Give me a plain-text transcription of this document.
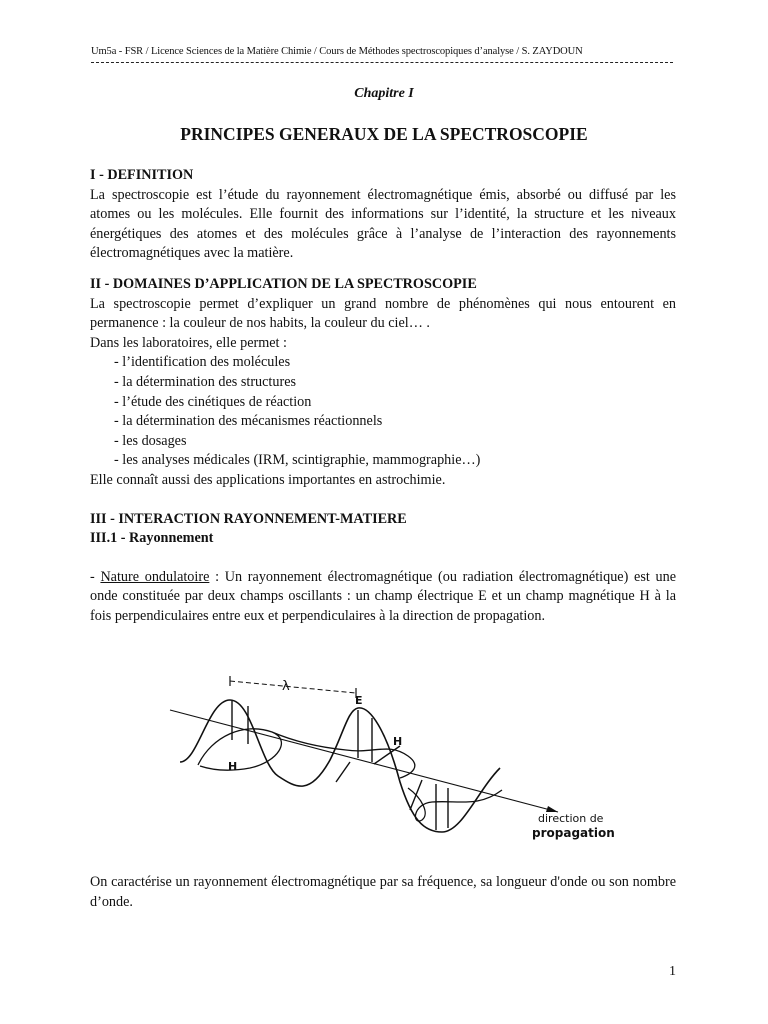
Um5a - FSR / Licence Sciences de la Matière Chimie / Cours de Méthodes spectroscopiques d’analyse / S. ZAYDOUN
Chapitre I
PRINCIPES GENERAUX DE LA SPECTROSCOPIE

I - DEFINITION

La spectroscopie est l’étude du rayonnement électromagnétique émis, absorbé ou diffusé par les atomes ou les molécules. Elle fournit des informations sur l’identité, la structure et les niveaux énergétiques des atomes et des molécules grâce à l’analyse de l’interaction des rayonnements électromagnétiques avec la matière.

II - DOMAINES D’APPLICATION DE LA SPECTROSCOPIE

La spectroscopie permet d’expliquer un grand nombre de phénomènes qui nous entourent en permanence : la couleur de nos habits, la couleur du ciel… .

Dans les laboratoires, elle permet :

- l’identification des molécules

- la détermination des structures

- l’étude des cinétiques de réaction

- la détermination des mécanismes réactionnels

- les dosages

- les analyses médicales (IRM, scintigraphie, mammographie…)

Elle connaît aussi des applications importantes en astrochimie.

III - INTERACTION RAYONNEMENT-MATIERE

III.1 - Rayonnement

- Nature ondulatoire : Un rayonnement électromagnétique (ou radiation électromagnétique) est une onde constituée par deux champs oscillants : un champ électrique E et un champ magnétique H à la fois perpendiculaires entre eux et perpendiculaires à la direction de propagation.

λ
E
H
H
direction de
propagation

On caractérise un rayonnement électromagnétique par sa fréquence, sa longueur d'onde ou son nombre d’onde.

1
